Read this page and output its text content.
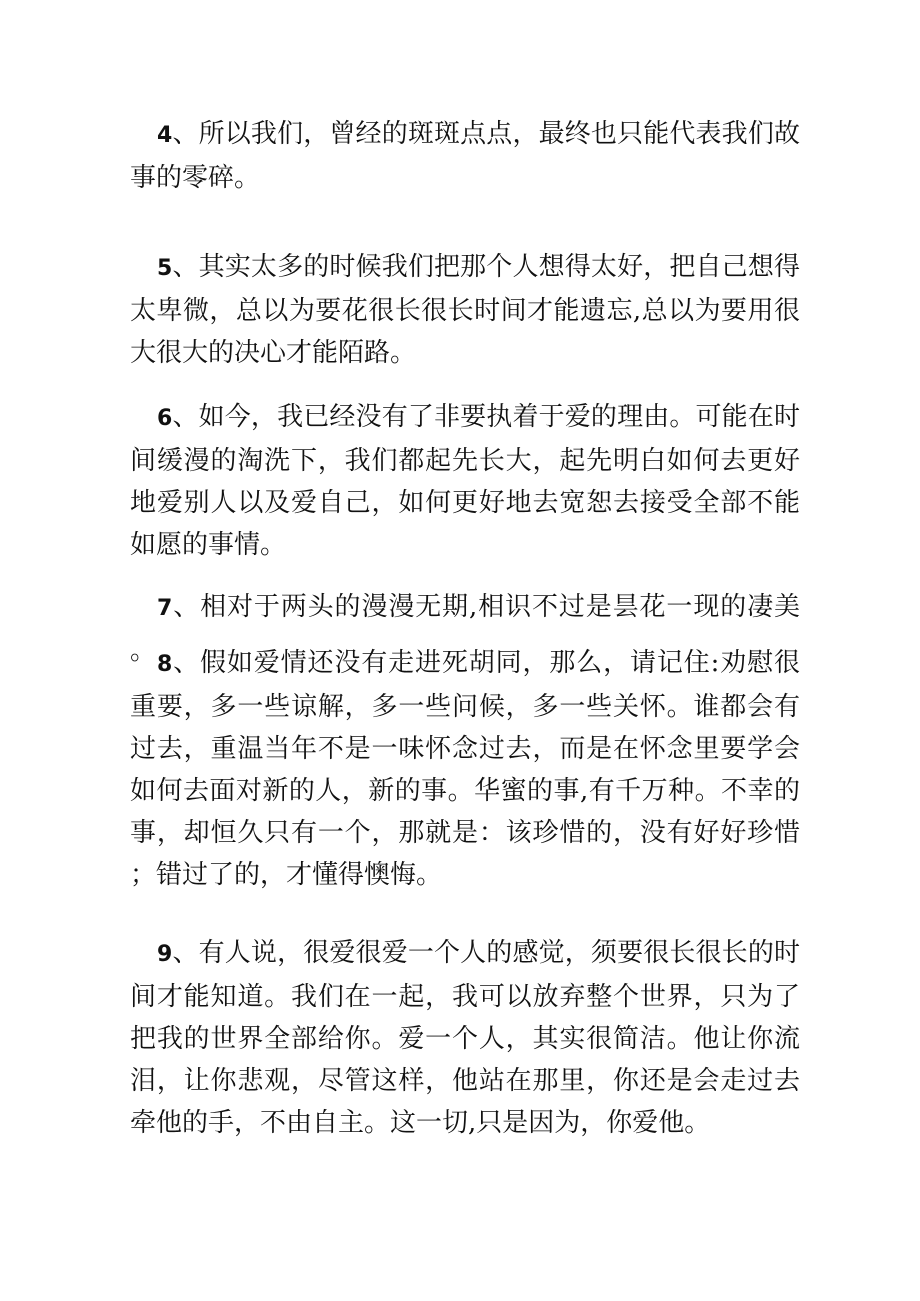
4、所以我们，曾经的斑斑点点，最终也只能代表我们故事的零碎。

5、其实太多的时候我们把那个人想得太好，把自己想得太卑微，总以为要花很长很长时间才能遗忘,总以为要用很大很大的决心才能陌路。

6、如今，我已经没有了非要执着于爱的理由。可能在时间缓漫的淘洗下，我们都起先长大，起先明白如何去更好地爱别人以及爱自己，如何更好地去宽恕去接受全部不能如愿的事情。

7、相对于两头的漫漫无期,相识不过是昙花一现的凄美。 8、假如爱情还没有走进死胡同，那么，请记住:劝慰很重要，多一些谅解，多一些问候，多一些关怀。谁都会有过去，重温当年不是一味怀念过去，而是在怀念里要学会如何去面对新的人，新的事。华蜜的事,有千万种。不幸的事，却恒久只有一个，那就是：该珍惜的，没有好好珍惜；错过了的，才懂得懊悔。

9、有人说，很爱很爱一个人的感觉，须要很长很长的时间才能知道。我们在一起，我可以放弃整个世界，只为了把我的世界全部给你。爱一个人，其实很简洁。他让你流泪，让你悲观，尽管这样，他站在那里，你还是会走过去牵他的手，不由自主。这一切,只是因为，你爱他。
